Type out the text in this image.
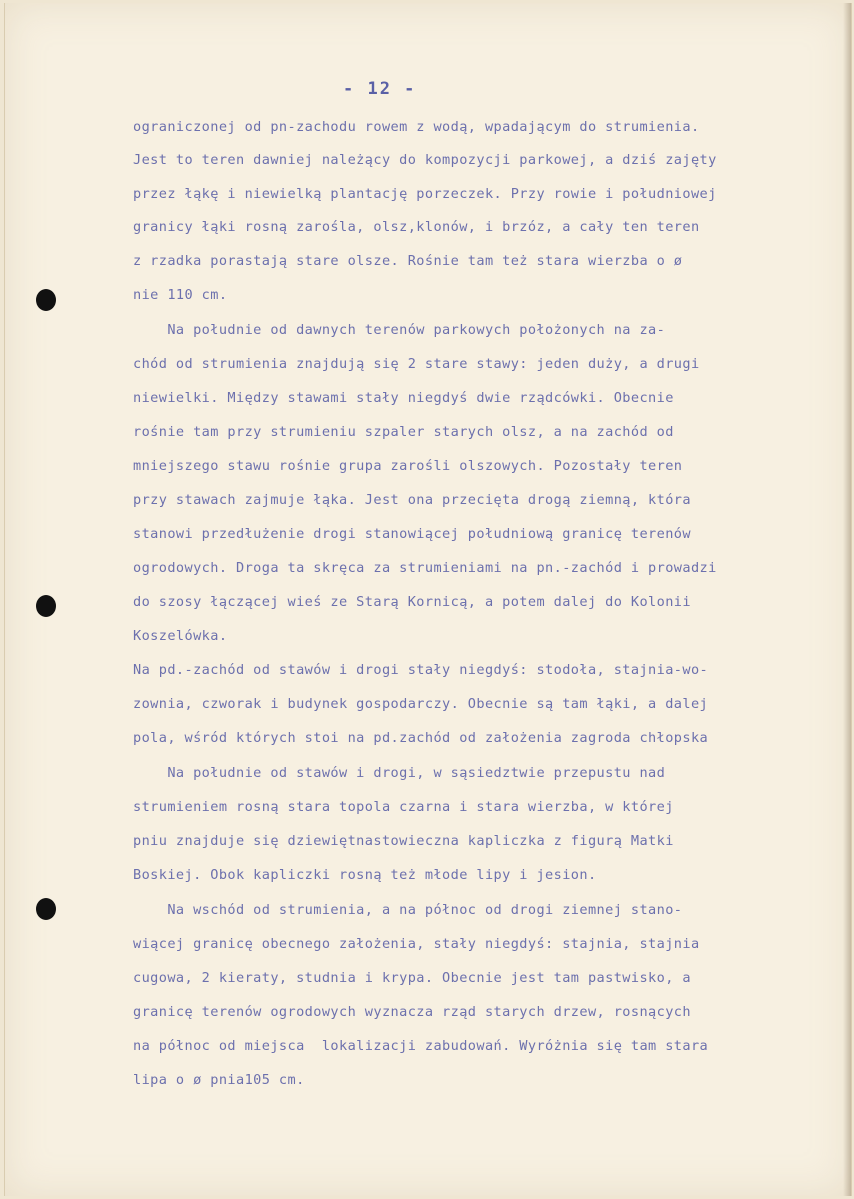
- 12 -
ograniczonej od pn-zachodu rowem z wodą, wpadającym do strumienia.
Jest to teren dawniej należący do kompozycji parkowej, a dziś zajęty
przez łąkę i niewielką plantację porzeczek. Przy rowie i południowej
granicy łąki rosną zarośla, olsz,klonów, i brzóz, a cały ten teren
z rzadka porastają stare olsze. Rośnie tam też stara wierzba o ø
nie 110 cm.
Na południe od dawnych terenów parkowych położonych na za-
chód od strumienia znajdują się 2 stare stawy: jeden duży, a drugi
niewielki. Między stawami stały niegdyś dwie rządcówki. Obecnie
rośnie tam przy strumieniu szpaler starych olsz, a na zachód od
mniejszego stawu rośnie grupa zarośli olszowych. Pozostały teren
przy stawach zajmuje łąka. Jest ona przecięta drogą ziemną, która
stanowi przedłużenie drogi stanowiącej południową granicę terenów
ogrodowych. Droga ta skręca za strumieniami na pn.-zachód i prowadzi
do szosy łączącej wieś ze Starą Kornicą, a potem dalej do Kolonii
Koszelówka.
Na pd.-zachód od stawów i drogi stały niegdyś: stodoła, stajnia-wo-
zownia, czworak i budynek gospodarczy. Obecnie są tam łąki, a dalej
pola, wśród których stoi na pd.zachód od założenia zagroda chłopska
Na południe od stawów i drogi, w sąsiedztwie przepustu nad
strumieniem rosną stara topola czarna i stara wierzba, w której
pniu znajduje się dziewiętnastowieczna kapliczka z figurą Matki
Boskiej. Obok kapliczki rosną też młode lipy i jesion.
Na wschód od strumienia, a na północ od drogi ziemnej stano-
wiącej granicę obecnego założenia, stały niegdyś: stajnia, stajnia
cugowa, 2 kieraty, studnia i krypa. Obecnie jest tam pastwisko, a
granicę terenów ogrodowych wyznacza rząd starych drzew, rosnących
na północ od miejsca  lokalizacji zabudowań. Wyróżnia się tam stara
lipa o ø pnia105 cm.
